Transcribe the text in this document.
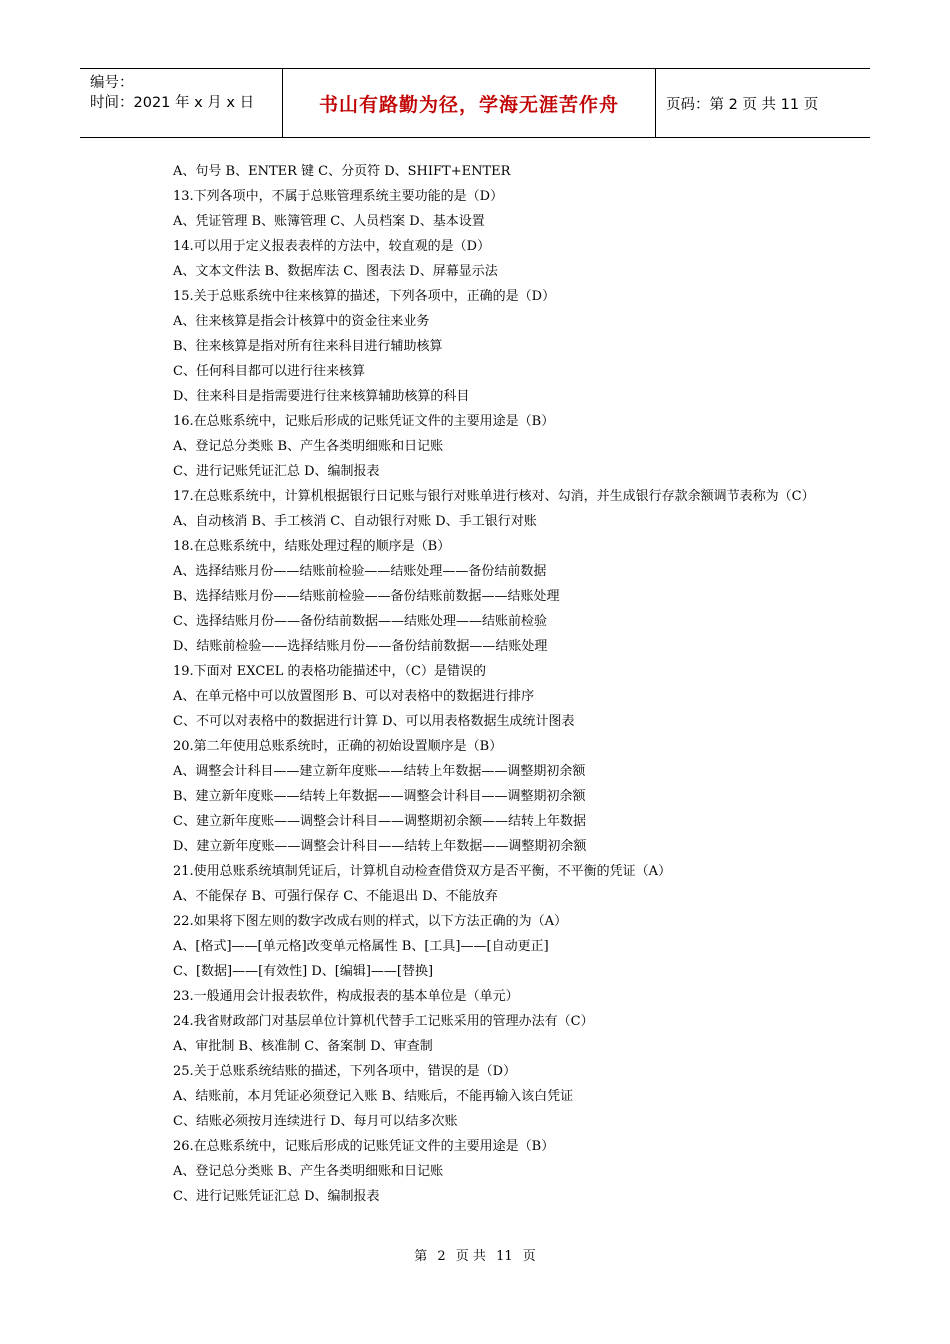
编号：
时间：2021 年 x 月 x 日	书山有路勤为径，学海无涯苦作舟	页码：第 2 页 共 11 页
A、句号 B、ENTER 键 C、分页符 D、SHIFT+ENTER
13.下列各项中，不属于总账管理系统主要功能的是（D）
A、凭证管理 B、账簿管理 C、人员档案 D、基本设置
14.可以用于定义报表表样的方法中，较直观的是（D）
A、文本文件法 B、数据库法 C、图表法 D、屏幕显示法
15.关于总账系统中往来核算的描述，下列各项中，正确的是（D）
A、往来核算是指会计核算中的资金往来业务
B、往来核算是指对所有往来科目进行辅助核算
C、任何科目都可以进行往来核算
D、往来科目是指需要进行往来核算辅助核算的科目
16.在总账系统中，记账后形成的记账凭证文件的主要用途是（B）
A、登记总分类账 B、产生各类明细账和日记账
C、进行记账凭证汇总 D、编制报表
17.在总账系统中，计算机根据银行日记账与银行对账单进行核对、勾消，并生成银行存款余额调节表称为（C）
A、自动核消 B、手工核消 C、自动银行对账 D、手工银行对账
18.在总账系统中，结账处理过程的顺序是（B）
A、选择结账月份——结账前检验——结账处理——备份结前数据
B、选择结账月份——结账前检验——备份结账前数据——结账处理
C、选择结账月份——备份结前数据——结账处理——结账前检验
D、结账前检验——选择结账月份——备份结前数据——结账处理
19.下面对 EXCEL 的表格功能描述中，（C）是错误的
A、在单元格中可以放置图形 B、可以对表格中的数据进行排序
C、不可以对表格中的数据进行计算 D、可以用表格数据生成统计图表
20.第二年使用总账系统时，正确的初始设置顺序是（B）
A、调整会计科目——建立新年度账——结转上年数据——调整期初余额
B、建立新年度账——结转上年数据——调整会计科目——调整期初余额
C、建立新年度账——调整会计科目——调整期初余额——结转上年数据
D、建立新年度账——调整会计科目——结转上年数据——调整期初余额
21.使用总账系统填制凭证后，计算机自动检查借贷双方是否平衡，不平衡的凭证（A）
A、不能保存 B、可强行保存 C、不能退出 D、不能放弃
22.如果将下图左则的数字改成右则的样式，以下方法正确的为（A）
A、[格式]——[单元格]改变单元格属性 B、[工具]——[自动更正]
C、[数据]——[有效性] D、[编辑]——[替换]
23.一般通用会计报表软件，构成报表的基本单位是（单元）
24.我省财政部门对基层单位计算机代替手工记账采用的管理办法有（C）
A、审批制 B、核准制 C、备案制 D、审查制
25.关于总账系统结账的描述，下列各项中，错误的是（D）
A、结账前，本月凭证必须登记入账 B、结账后，不能再输入该白凭证
C、结账必须按月连续进行 D、每月可以结多次账
26.在总账系统中，记账后形成的记账凭证文件的主要用途是（B）
A、登记总分类账 B、产生各类明细账和日记账
C、进行记账凭证汇总 D、编制报表
第 2 页 共 11 页
